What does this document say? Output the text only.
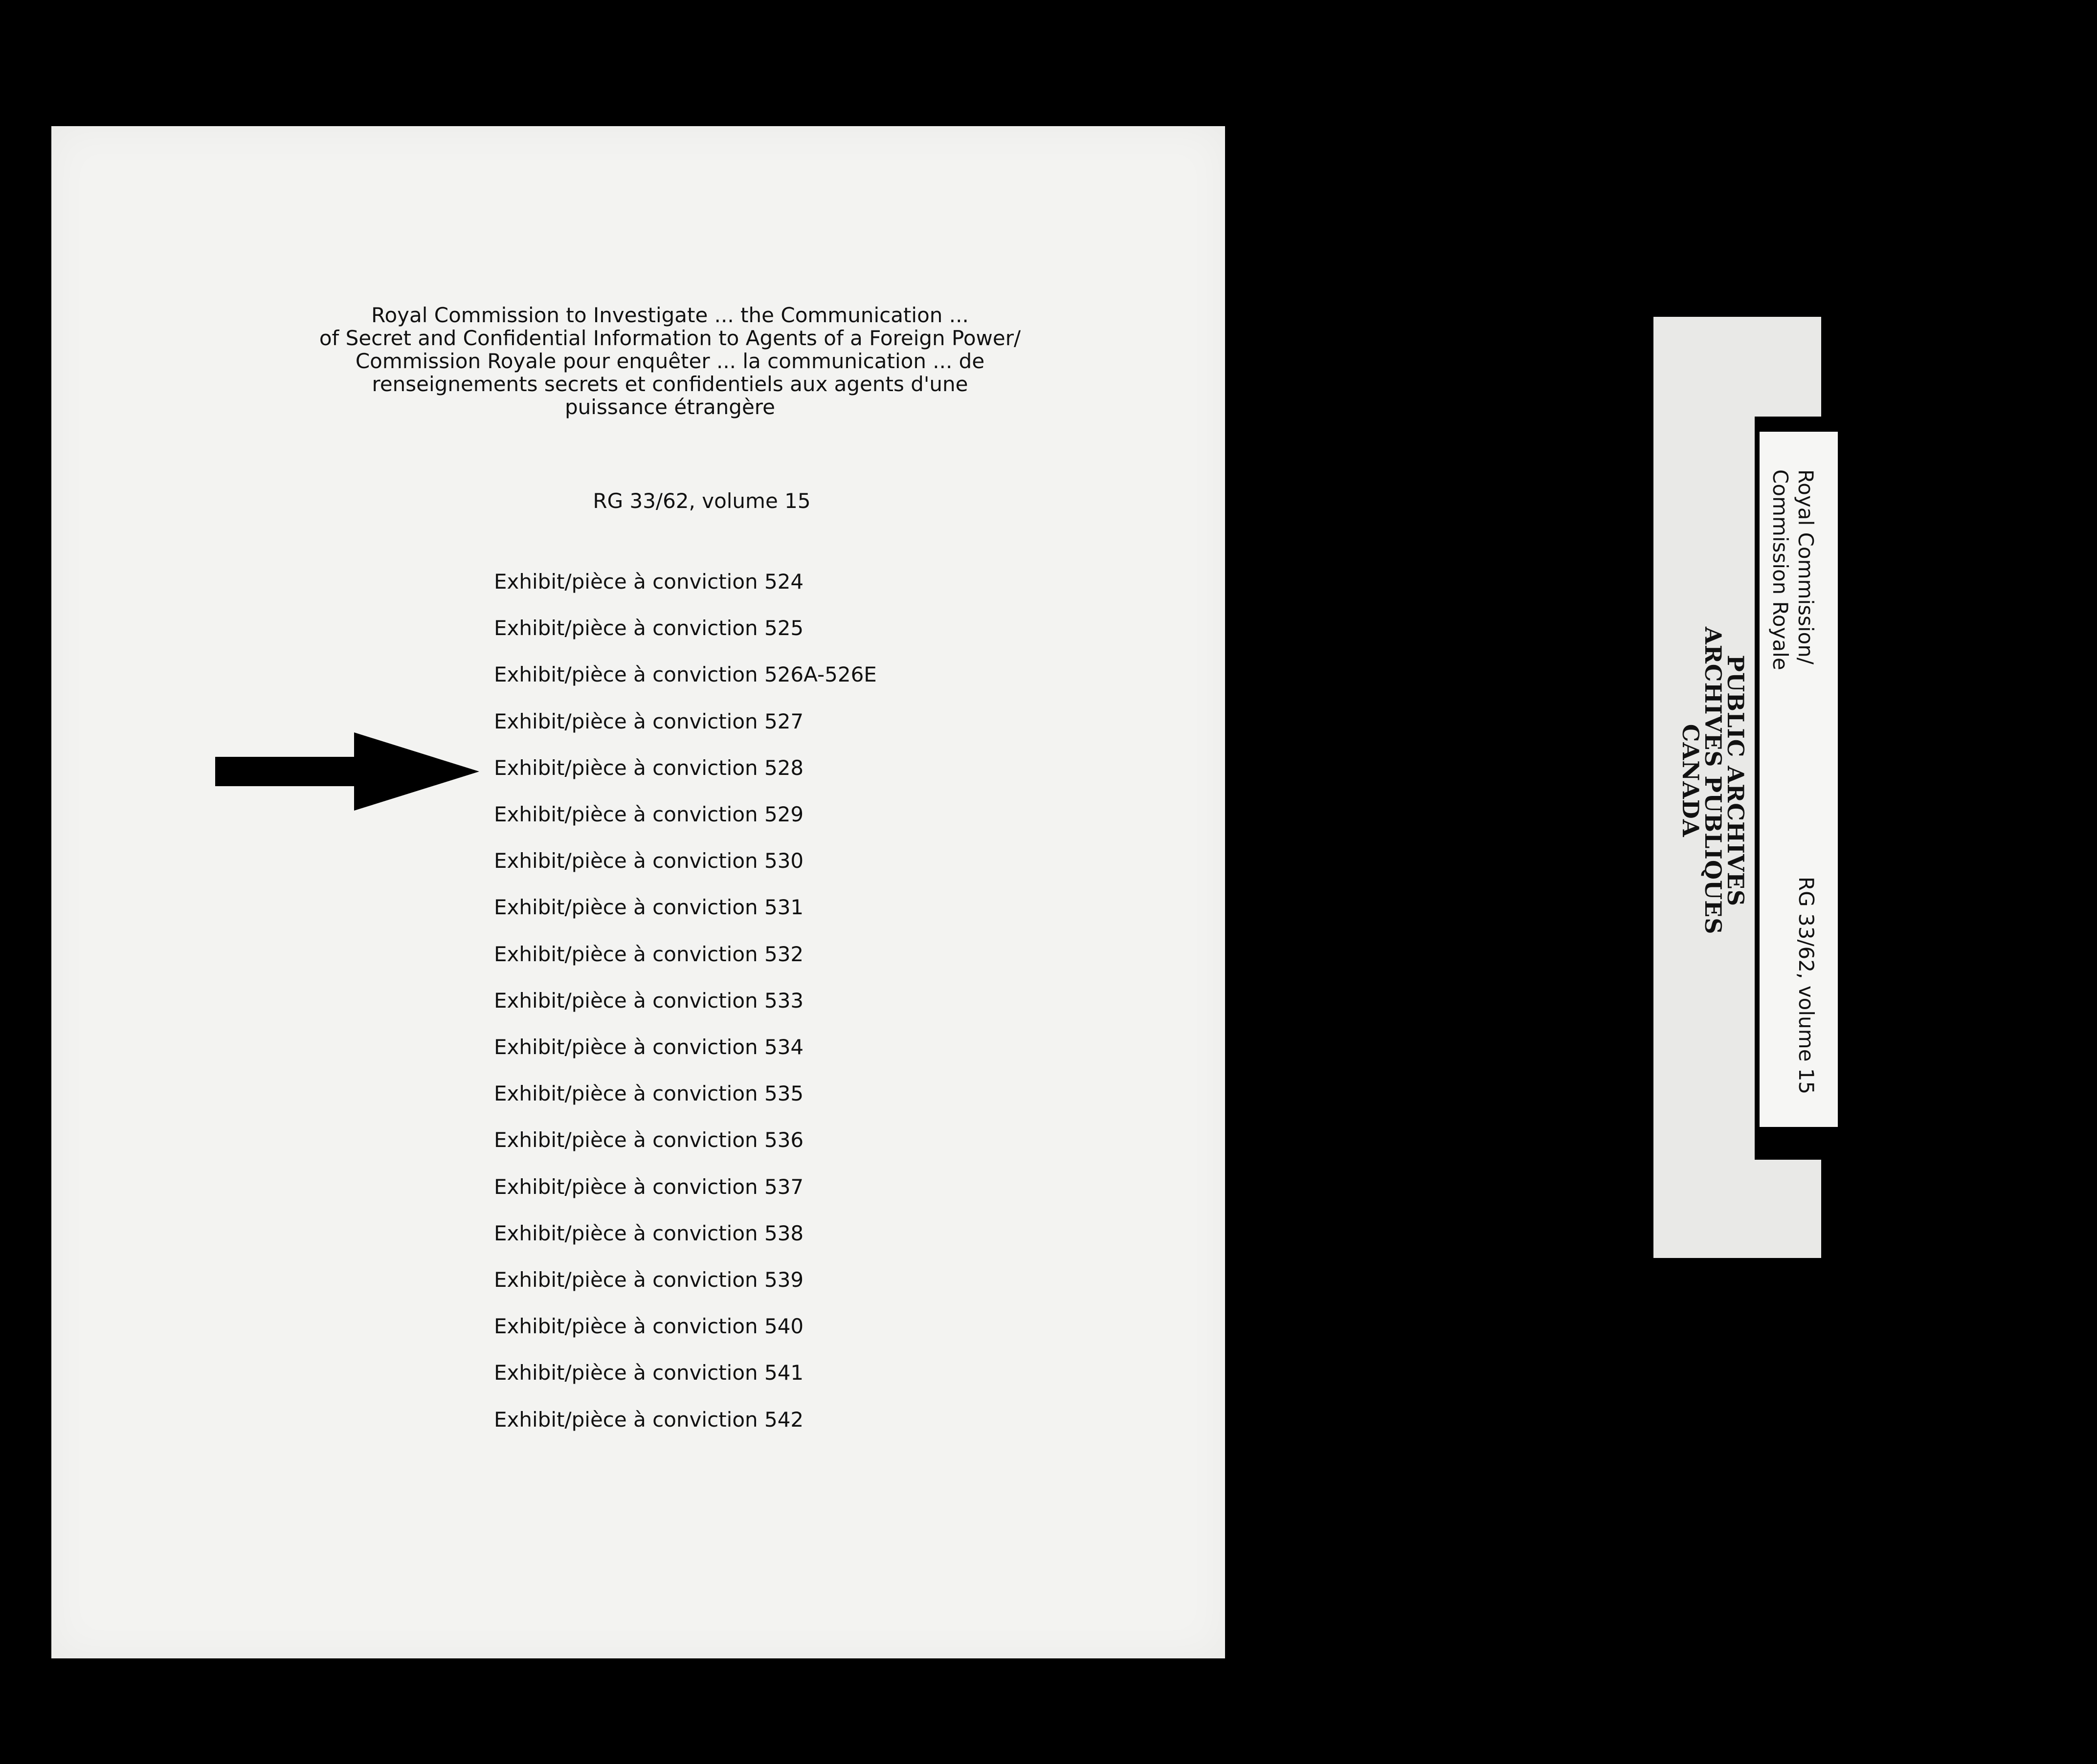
Royal Commission to Investigate ... the Communication ...
of Secret and Confidential Information to Agents of a Foreign Power/
Commission Royale pour enquêter ... la communication ... de
renseignements secrets et confidentiels aux agents d'une
puissance étrangère
RG 33/62, volume 15
Exhibit/pièce à conviction 524
Exhibit/pièce à conviction 525
Exhibit/pièce à conviction 526A-526E
Exhibit/pièce à conviction 527
Exhibit/pièce à conviction 528
Exhibit/pièce à conviction 529
Exhibit/pièce à conviction 530
Exhibit/pièce à conviction 531
Exhibit/pièce à conviction 532
Exhibit/pièce à conviction 533
Exhibit/pièce à conviction 534
Exhibit/pièce à conviction 535
Exhibit/pièce à conviction 536
Exhibit/pièce à conviction 537
Exhibit/pièce à conviction 538
Exhibit/pièce à conviction 539
Exhibit/pièce à conviction 540
Exhibit/pièce à conviction 541
Exhibit/pièce à conviction 542
Royal Commission/
Commission Royale
RG 33/62, volume 15
PUBLIC ARCHIVES
ARCHIVES PUBLIQUES
CANADA
